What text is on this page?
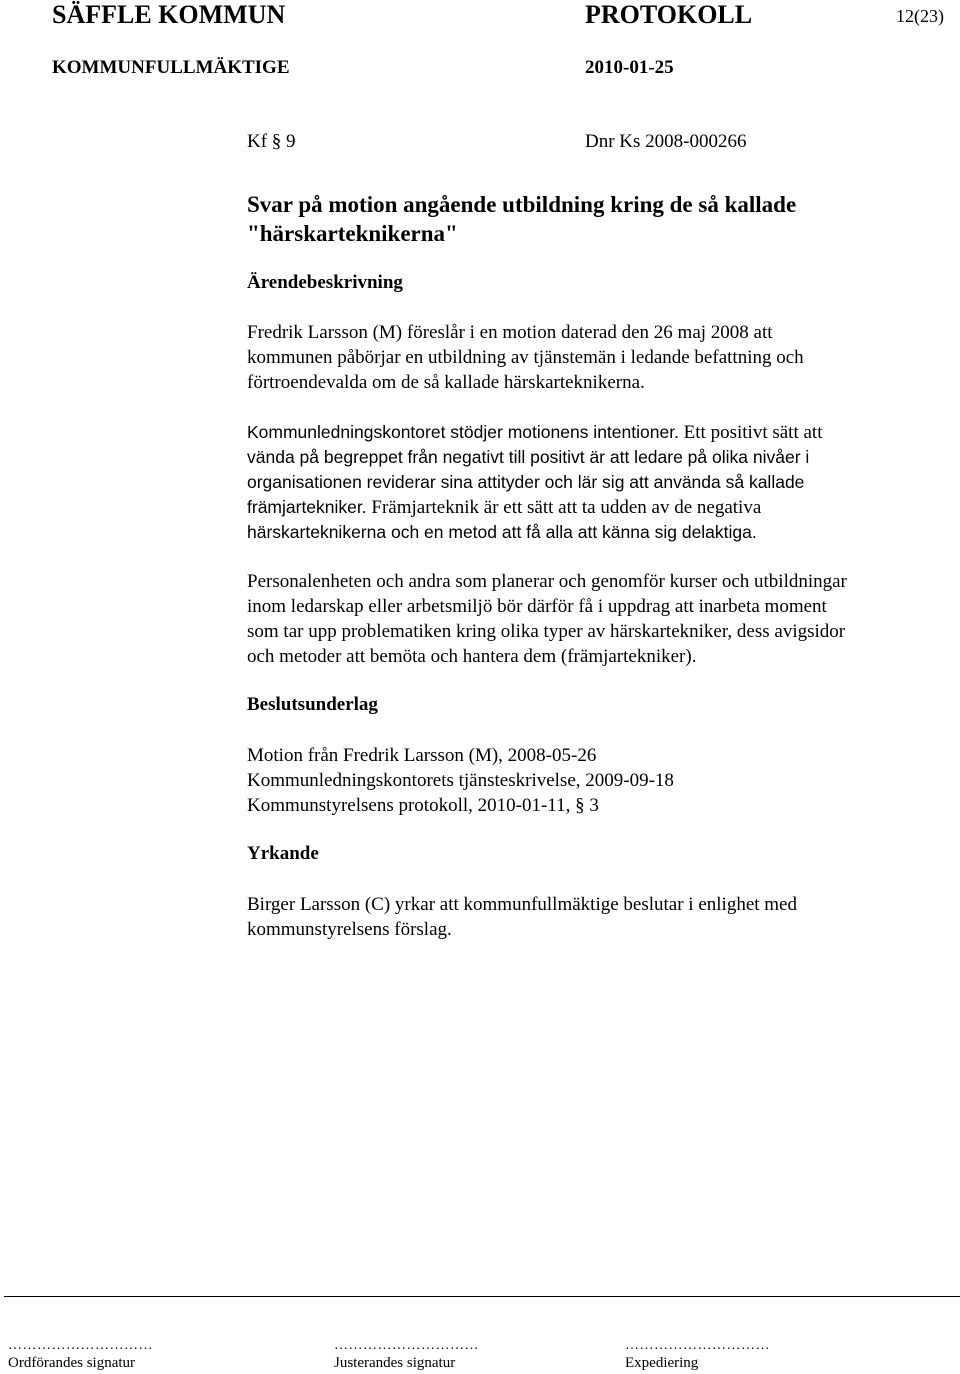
SÄFFLE KOMMUN	PROTOKOLL	12(23)
KOMMUNFULLMÄKTIGE	2010-01-25
Kf § 9	Dnr Ks 2008-000266
Svar på motion angående utbildning kring de så kallade
"härskarteknikerna"
Ärendebeskrivning
Fredrik Larsson (M) föreslår i en motion daterad den 26 maj 2008 att
kommunen påbörjar en utbildning av tjänstemän i ledande befattning och
förtroendevalda om de så kallade härskarteknikerna.
Kommunledningskontoret stödjer motionens intentioner. Ett positivt sätt att
vända på begreppet från negativt till positivt är att ledare på olika nivåer i
organisationen reviderar sina attityder och lär sig att använda så kallade
främjartekniker. Främjarteknik är ett sätt att ta udden av de negativa
härskarteknikerna och en metod att få alla att känna sig delaktiga.
Personalenheten och andra som planerar och genomför kurser och utbildningar
inom ledarskap eller arbetsmiljö bör därför få i uppdrag att inarbeta moment
som tar upp problematiken kring olika typer av härskartekniker, dess avigsidor
och metoder att bemöta och hantera dem (främjartekniker).
Beslutsunderlag
Motion från Fredrik Larsson (M), 2008-05-26
Kommunledningskontorets tjänsteskrivelse, 2009-09-18
Kommunstyrelsens protokoll, 2010-01-11, § 3
Yrkande
Birger Larsson (C) yrkar att kommunfullmäktige beslutar i enlighet med
kommunstyrelsens förslag.
…………………………	…………………………	…………………………
Ordförandes signatur	Justerandes signatur	Expediering
